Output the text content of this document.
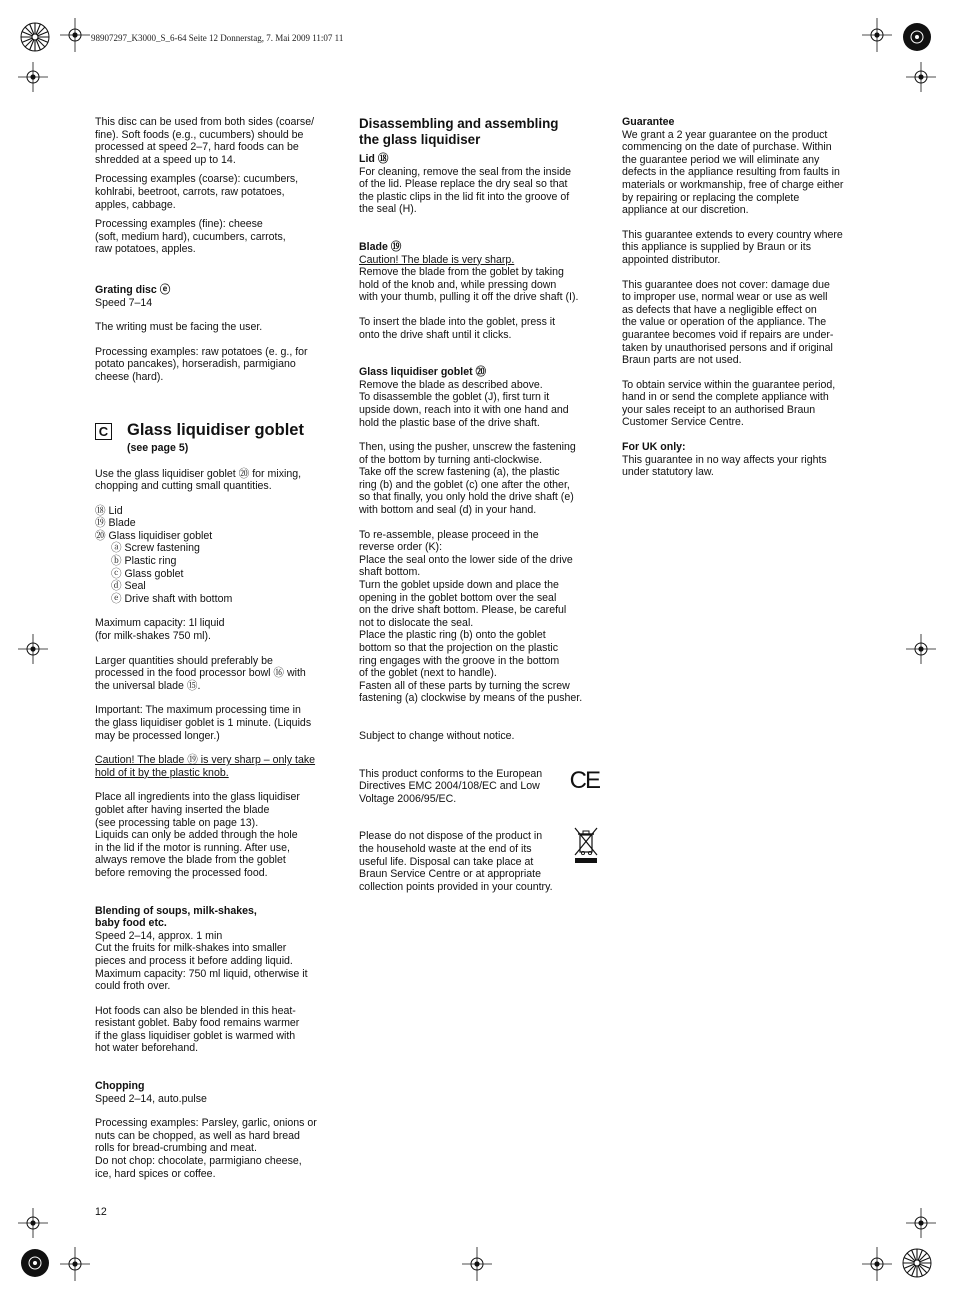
98907297_K3000_S_6-64 Seite 12 Donnerstag, 7. Mai 2009 11:07 11

This disc can be used from both sides (coarse/
fine). Soft foods (e.g., cucumbers) should be
processed at speed 2–7, hard foods can be
shredded at a speed up to 14.

Processing examples (coarse): cucumbers,
kohlrabi, beetroot, carrots, raw potatoes,
apples, cabbage.

Processing examples (fine): cheese
(soft, medium hard), cucumbers, carrots,
raw potatoes, apples.

Grating disc ⓔ

Speed 7–14

The writing must be facing the user.

Processing examples: raw potatoes (e. g., for
potato pancakes), horseradish, parmigiano
cheese (hard).

C Glass liquidiser goblet
(see page 5)

Use the glass liquidiser goblet ⑳ for mixing,
chopping and cutting small quantities.

⑱ Lid

⑲ Blade

⑳ Glass liquidiser goblet

ⓐ Screw fastening

ⓑ Plastic ring

ⓒ Glass goblet

ⓓ Seal

ⓔ Drive shaft with bottom

Maximum capacity: 1l liquid
(for milk-shakes 750 ml).

Larger quantities should preferably be
processed in the food processor bowl ⑯ with
the universal blade ⑮.

Important: The maximum processing time in
the glass liquidiser goblet is 1 minute. (Liquids
may be processed longer.)

Caution! The blade ⑲ is very sharp – only take
hold of it by the plastic knob.

Place all ingredients into the glass liquidiser
goblet after having inserted the blade
(see processing table on page 13).
Liquids can only be added through the hole
in the lid if the motor is running. After use,
always remove the blade from the goblet
before removing the processed food.

Blending of soups, milk-shakes,
baby food etc.

Speed 2–14, approx. 1 min
Cut the fruits for milk-shakes into smaller
pieces and process it before adding liquid.
Maximum capacity: 750 ml liquid, otherwise it
could froth over.

Hot foods can also be blended in this heat-
resistant goblet. Baby food remains warmer
if the glass liquidiser goblet is warmed with
hot water beforehand.

Chopping

Speed 2–14, auto.pulse

Processing examples: Parsley, garlic, onions or
nuts can be chopped, as well as hard bread
rolls for bread-crumbing and meat.
Do not chop: chocolate, parmigiano cheese,
ice, hard spices or coffee.

Disassembling and assembling
the glass liquidiser

Lid ⑱

For cleaning, remove the seal from the inside
of the lid. Please replace the dry seal so that
the plastic clips in the lid fit into the groove of
the seal (H).

Blade ⑲

Caution! The blade is very sharp.

Remove the blade from the goblet by taking
hold of the knob and, while pressing down
with your thumb, pulling it off the drive shaft (I).

To insert the blade into the goblet, press it
onto the drive shaft until it clicks.

Glass liquidiser goblet ⑳

Remove the blade as described above.
To disassemble the goblet (J), first turn it
upside down, reach into it with one hand and
hold the plastic base of the drive shaft.

Then, using the pusher, unscrew the fastening
of the bottom by turning anti-clockwise.
Take off the screw fastening (a), the plastic
ring (b) and the goblet (c) one after the other,
so that finally, you only hold the drive shaft (e)
with bottom and seal (d) in your hand.

To re-assemble, please proceed in the
reverse order (K):
Place the seal onto the lower side of the drive
shaft bottom.
Turn the goblet upside down and place the
opening in the goblet bottom over the seal
on the drive shaft bottom. Please, be careful
not to dislocate the seal.
Place the plastic ring (b) onto the goblet
bottom so that the projection on the plastic
ring engages with the groove in the bottom
of the goblet (next to handle).
Fasten all of these parts by turning the screw
fastening (a) clockwise by means of the pusher.

Subject to change without notice.

This product conforms to the European
Directives EMC 2004/108/EC and Low
Voltage 2006/95/EC.

CE

Please do not dispose of the product in
the household waste at the end of its
useful life. Disposal can take place at
Braun Service Centre or at appropriate
collection points provided in your country.

Guarantee

We grant a 2 year guarantee on the product
commencing on the date of purchase. Within
the guarantee period we will eliminate any
defects in the appliance resulting from faults in
materials or workmanship, free of charge either
by repairing or replacing the complete
appliance at our discretion.

This guarantee extends to every country where
this appliance is supplied by Braun or its
appointed distributor.

This guarantee does not cover: damage due
to improper use, normal wear or use as well
as defects that have a negligible effect on
the value or operation of the appliance. The
guarantee becomes void if repairs are under-
taken by unauthorised persons and if original
Braun parts are not used.

To obtain service within the guarantee period,
hand in or send the complete appliance with
your sales receipt to an authorised Braun
Customer Service Centre.

For UK only:

This guarantee in no way affects your rights
under statutory law.

12
